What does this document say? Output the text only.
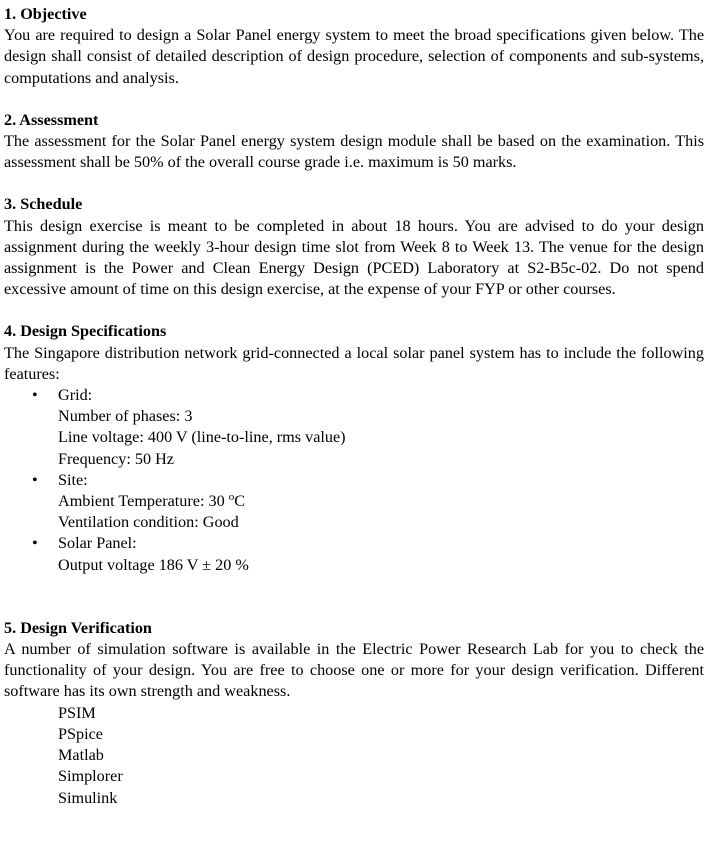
1. Objective

You are required to design a Solar Panel energy system to meet the broad specifications given below. The design shall consist of detailed description of design procedure, selection of components and sub-systems, computations and analysis.

2. Assessment

The assessment for the Solar Panel energy system design module shall be based on the examination. This assessment shall be 50% of the overall course grade i.e. maximum is 50 marks.

3. Schedule

This design exercise is meant to be completed in about 18 hours. You are advised to do your design assignment during the weekly 3-hour design time slot from Week 8 to Week 13. The venue for the design assignment is the Power and Clean Energy Design (PCED) Laboratory at S2-B5c-02. Do not spend excessive amount of time on this design exercise, at the expense of your FYP or other courses.

4. Design Specifications

The Singapore distribution network grid-connected a local solar panel system has to include the following features:

• Grid:
Number of phases: 3
Line voltage: 400 V (line-to-line, rms value)
Frequency: 50 Hz
• Site:
Ambient Temperature: 30 $^o$C
Ventilation condition: Good
• Solar Panel:
Output voltage 186 V ± 20 %
5. Design Verification

A number of simulation software is available in the Electric Power Research Lab for you to check the functionality of your design. You are free to choose one or more for your design verification. Different software has its own strength and weakness.

PSIM
PSpice
Matlab
Simplorer
Simulink
